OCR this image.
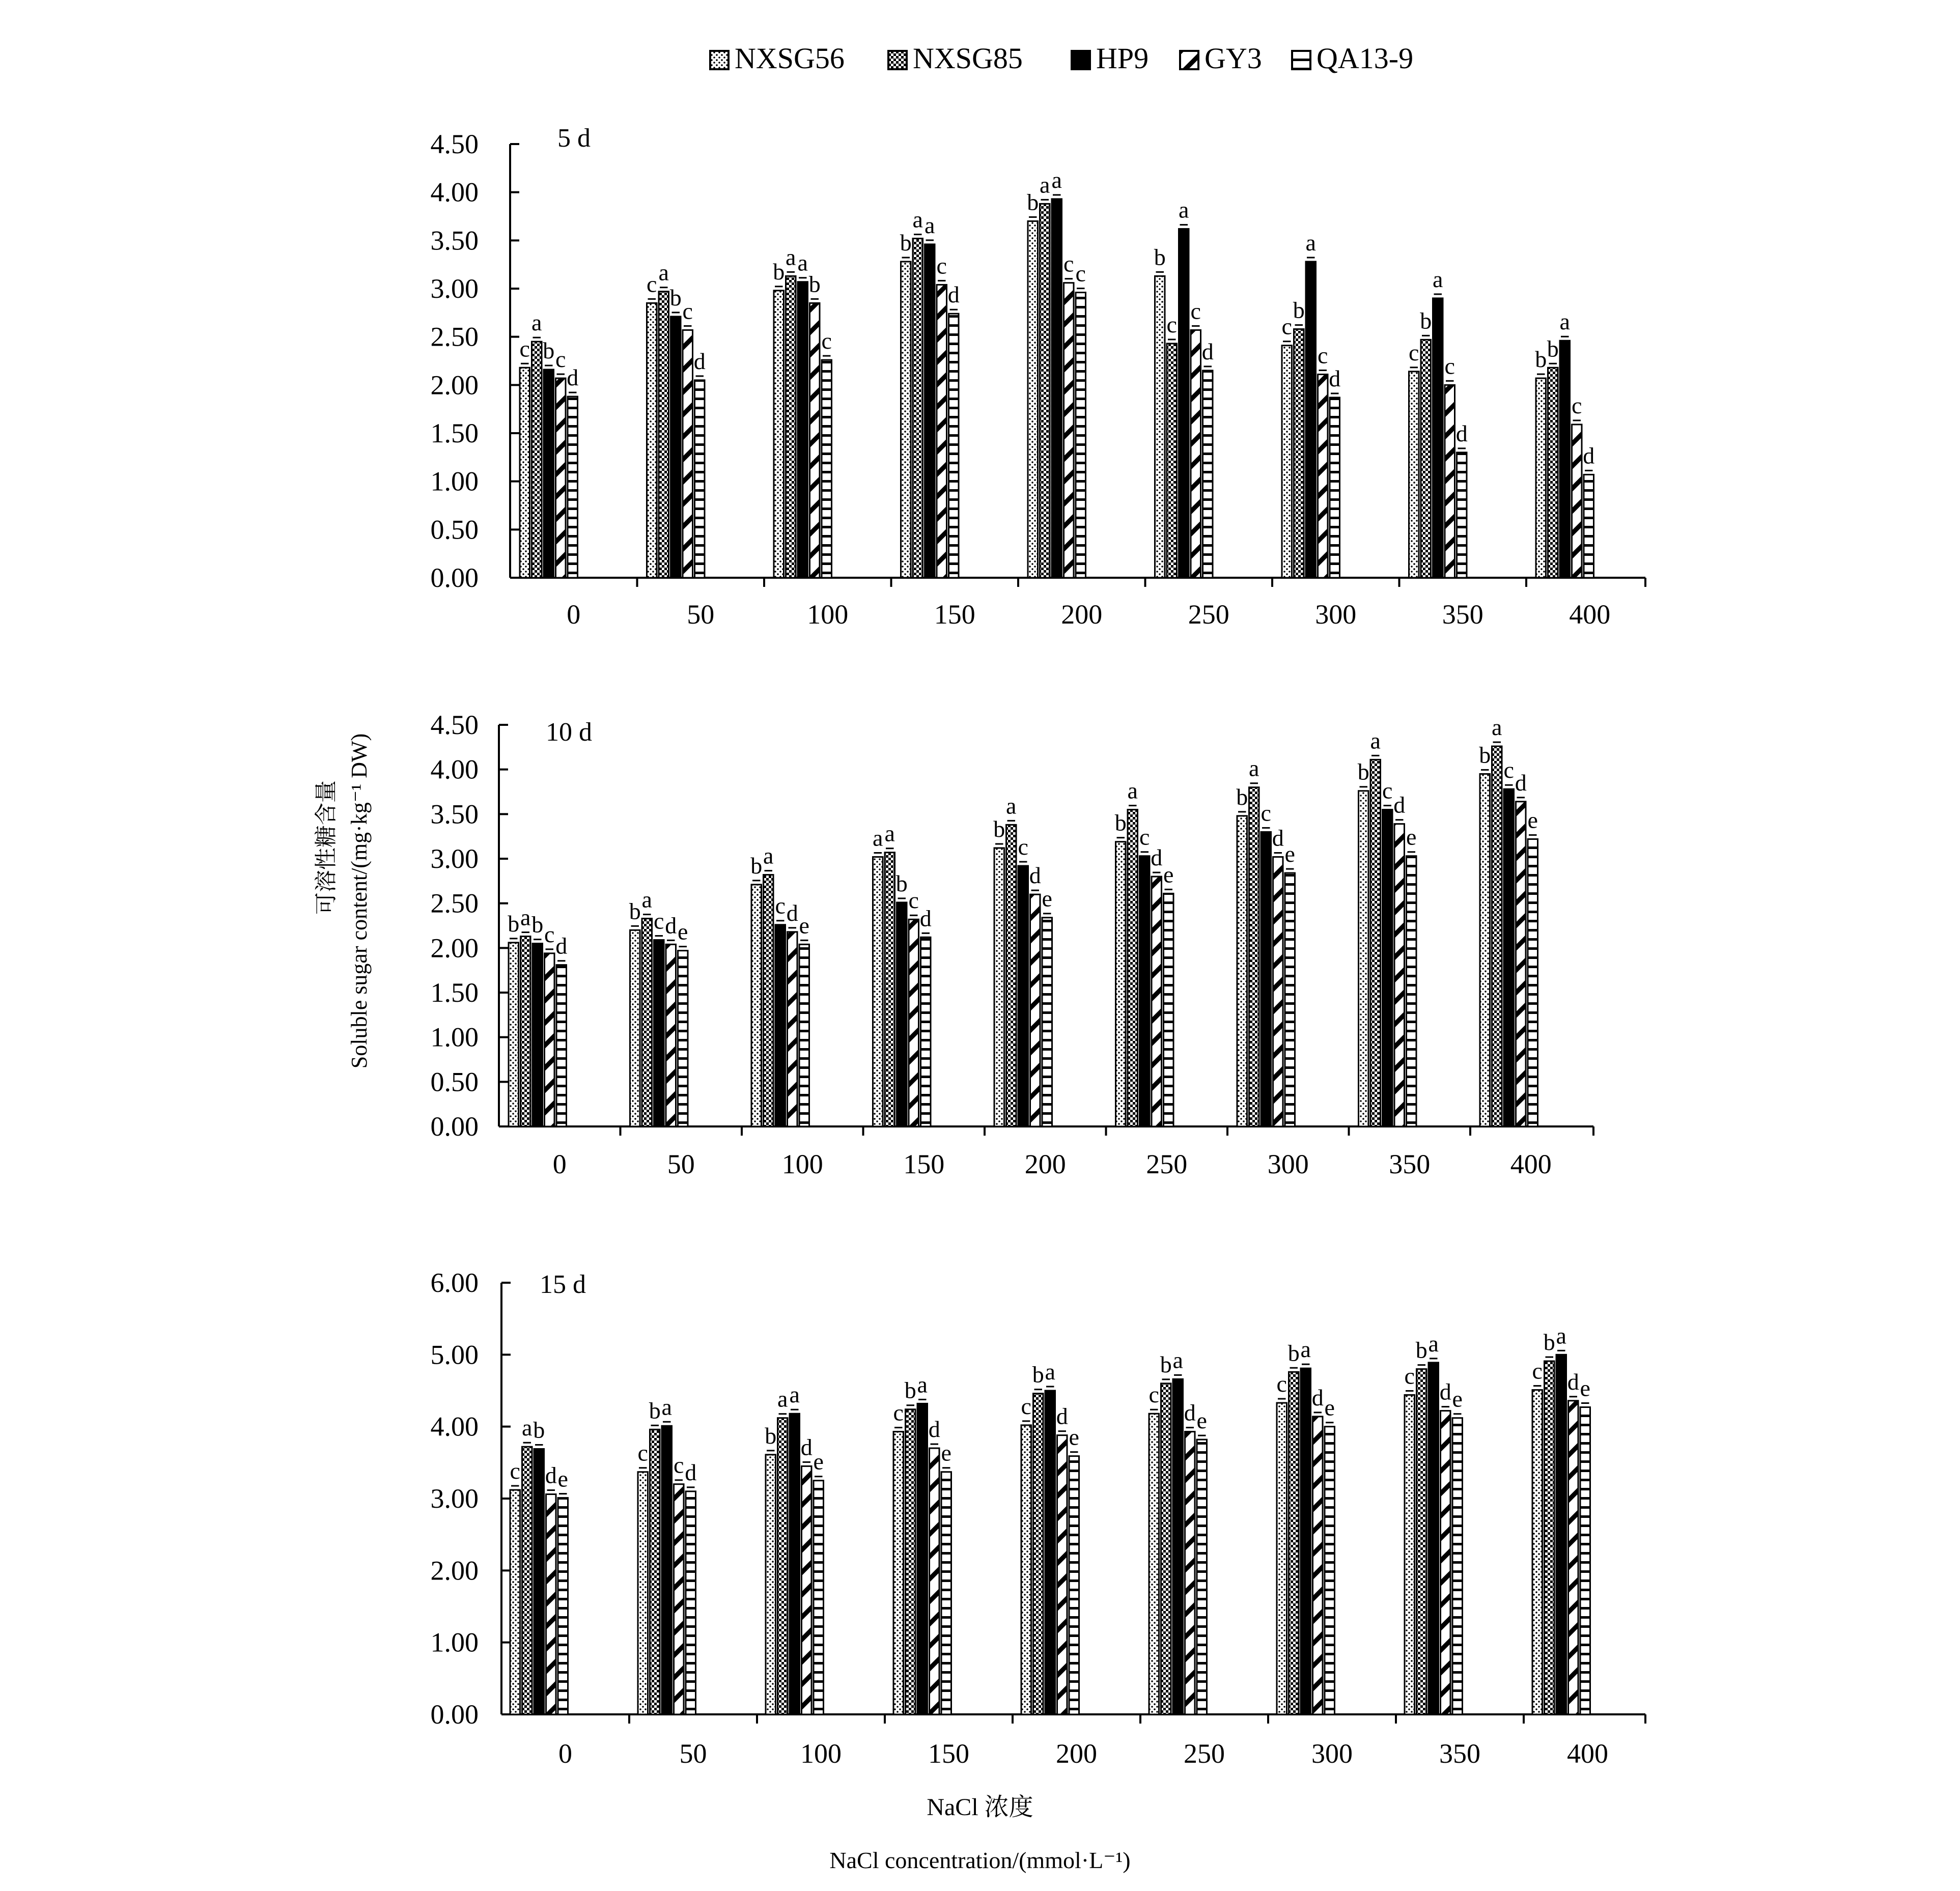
NXSG56 NXSG85 HP9 GY3 QA13-9
5 d
0.00
0.50
1.00
1.50
2.00
2.50
3.00
3.50
4.00
4.50
0
c
a
b c
d
50
c a
b
c
d
100
b
a a
b
c
150
b
a a
c
d
200
b
a a
c c
250
b
c
a
c
d
300
c
b
a
c
d
350
c
b
a
c
d
400
b b
a
c
d
10 d
0.00
0.50
1.00
1.50
2.00
2.50
3.00
3.50
4.00
4.50
0
b a b c d
50
b a
c d e
100
b a
c d e
150
a a
b
c
d
200
b
a
c
d
e
250
b
a
c
d
e
300
b
a
c
d
e
350
b
a
c
d
e
400
b
a
c d
e
15 d
0.00
1.00
2.00
3.00
4.00
5.00
6.00
0
c
a b
d e
50
c
b a
c d
100
b
a a
d
e
150
c
b a
d
e
200
c
b a
d
e
250
c
b a
d e
300
c
b a
d e
350
c
b a
d e
400
c
b a
d e
可溶性糖含量 Soluble sugar content/(mg·kg⁻¹ DW)
NaCl 浓度
NaCl concentration/(mmol·L⁻¹)
